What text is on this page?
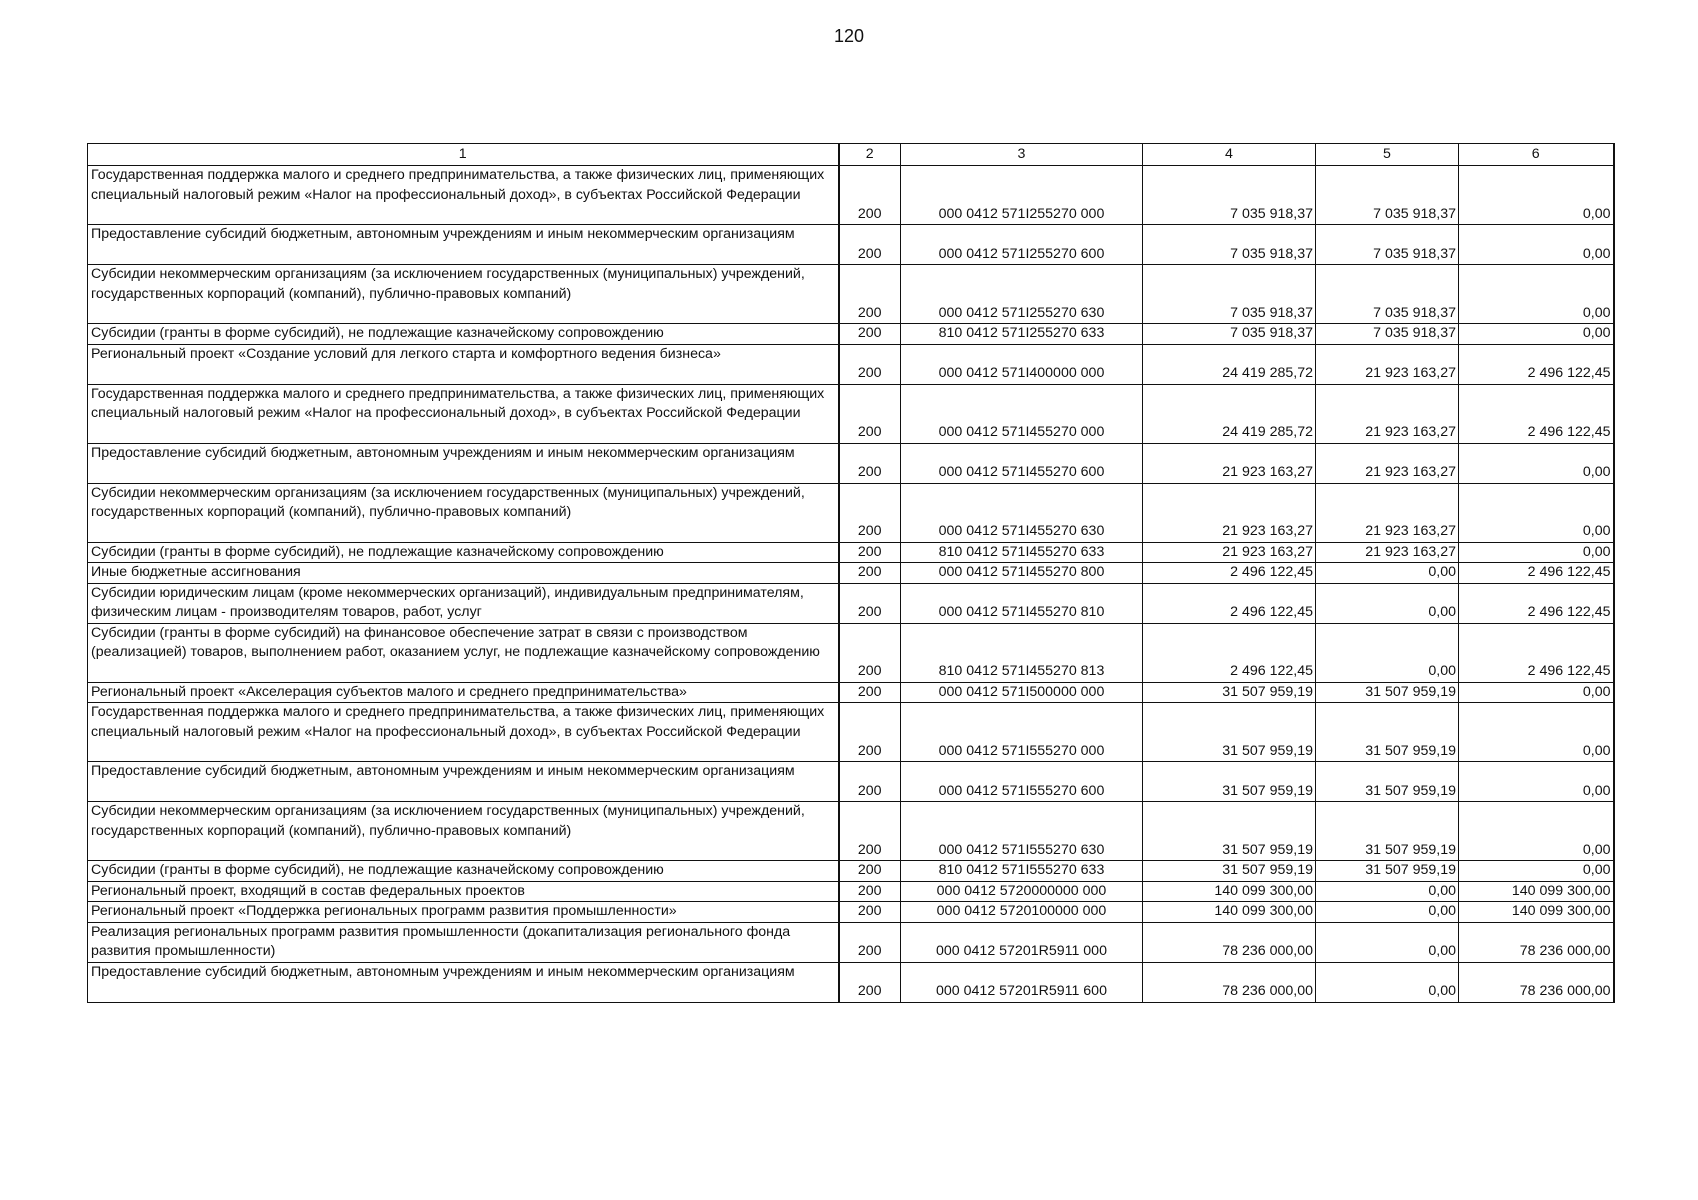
120
1	2	3	4	5	6
Государственная поддержка малого и среднего предпринимательства, а также физических лиц, применяющих специальный налоговый режим «Налог на профессиональный доход», в субъектах Российской Федерации	200	000 0412 571I255270 000	7 035 918,37	7 035 918,37	0,00
Предоставление субсидий бюджетным, автономным учреждениям и иным некоммерческим организациям	200	000 0412 571I255270 600	7 035 918,37	7 035 918,37	0,00
Субсидии некоммерческим организациям (за исключением государственных (муниципальных) учреждений, государственных корпораций (компаний), публично-правовых компаний)	200	000 0412 571I255270 630	7 035 918,37	7 035 918,37	0,00
Субсидии (гранты в форме субсидий), не подлежащие казначейскому сопровождению	200	810 0412 571I255270 633	7 035 918,37	7 035 918,37	0,00
Региональный проект «Создание условий для легкого старта и комфортного ведения бизнеса»	200	000 0412 571I400000 000	24 419 285,72	21 923 163,27	2 496 122,45
Государственная поддержка малого и среднего предпринимательства, а также физических лиц, применяющих специальный налоговый режим «Налог на профессиональный доход», в субъектах Российской Федерации	200	000 0412 571I455270 000	24 419 285,72	21 923 163,27	2 496 122,45
Предоставление субсидий бюджетным, автономным учреждениям и иным некоммерческим организациям	200	000 0412 571I455270 600	21 923 163,27	21 923 163,27	0,00
Субсидии некоммерческим организациям (за исключением государственных (муниципальных) учреждений, государственных корпораций (компаний), публично-правовых компаний)	200	000 0412 571I455270 630	21 923 163,27	21 923 163,27	0,00
Субсидии (гранты в форме субсидий), не подлежащие казначейскому сопровождению	200	810 0412 571I455270 633	21 923 163,27	21 923 163,27	0,00
Иные бюджетные ассигнования	200	000 0412 571I455270 800	2 496 122,45	0,00	2 496 122,45
Субсидии юридическим лицам (кроме некоммерческих организаций), индивидуальным предпринимателям, физическим лицам - производителям товаров, работ, услуг	200	000 0412 571I455270 810	2 496 122,45	0,00	2 496 122,45
Субсидии (гранты в форме субсидий) на финансовое обеспечение затрат в связи с производством (реализацией) товаров, выполнением работ, оказанием услуг, не подлежащие казначейскому сопровождению	200	810 0412 571I455270 813	2 496 122,45	0,00	2 496 122,45
Региональный проект «Акселерация субъектов малого и среднего предпринимательства»	200	000 0412 571I500000 000	31 507 959,19	31 507 959,19	0,00
Государственная поддержка малого и среднего предпринимательства, а также физических лиц, применяющих специальный налоговый режим «Налог на профессиональный доход», в субъектах Российской Федерации	200	000 0412 571I555270 000	31 507 959,19	31 507 959,19	0,00
Предоставление субсидий бюджетным, автономным учреждениям и иным некоммерческим организациям	200	000 0412 571I555270 600	31 507 959,19	31 507 959,19	0,00
Субсидии некоммерческим организациям (за исключением государственных (муниципальных) учреждений, государственных корпораций (компаний), публично-правовых компаний)	200	000 0412 571I555270 630	31 507 959,19	31 507 959,19	0,00
Субсидии (гранты в форме субсидий), не подлежащие казначейскому сопровождению	200	810 0412 571I555270 633	31 507 959,19	31 507 959,19	0,00
Региональный проект, входящий в состав федеральных проектов	200	000 0412 5720000000 000	140 099 300,00	0,00	140 099 300,00
Региональный проект «Поддержка региональных программ развития промышленности»	200	000 0412 5720100000 000	140 099 300,00	0,00	140 099 300,00
Реализация региональных программ развития промышленности (докапитализация регионального фонда развития промышленности)	200	000 0412 57201R5911 000	78 236 000,00	0,00	78 236 000,00
Предоставление субсидий бюджетным, автономным учреждениям и иным некоммерческим организациям	200	000 0412 57201R5911 600	78 236 000,00	0,00	78 236 000,00
